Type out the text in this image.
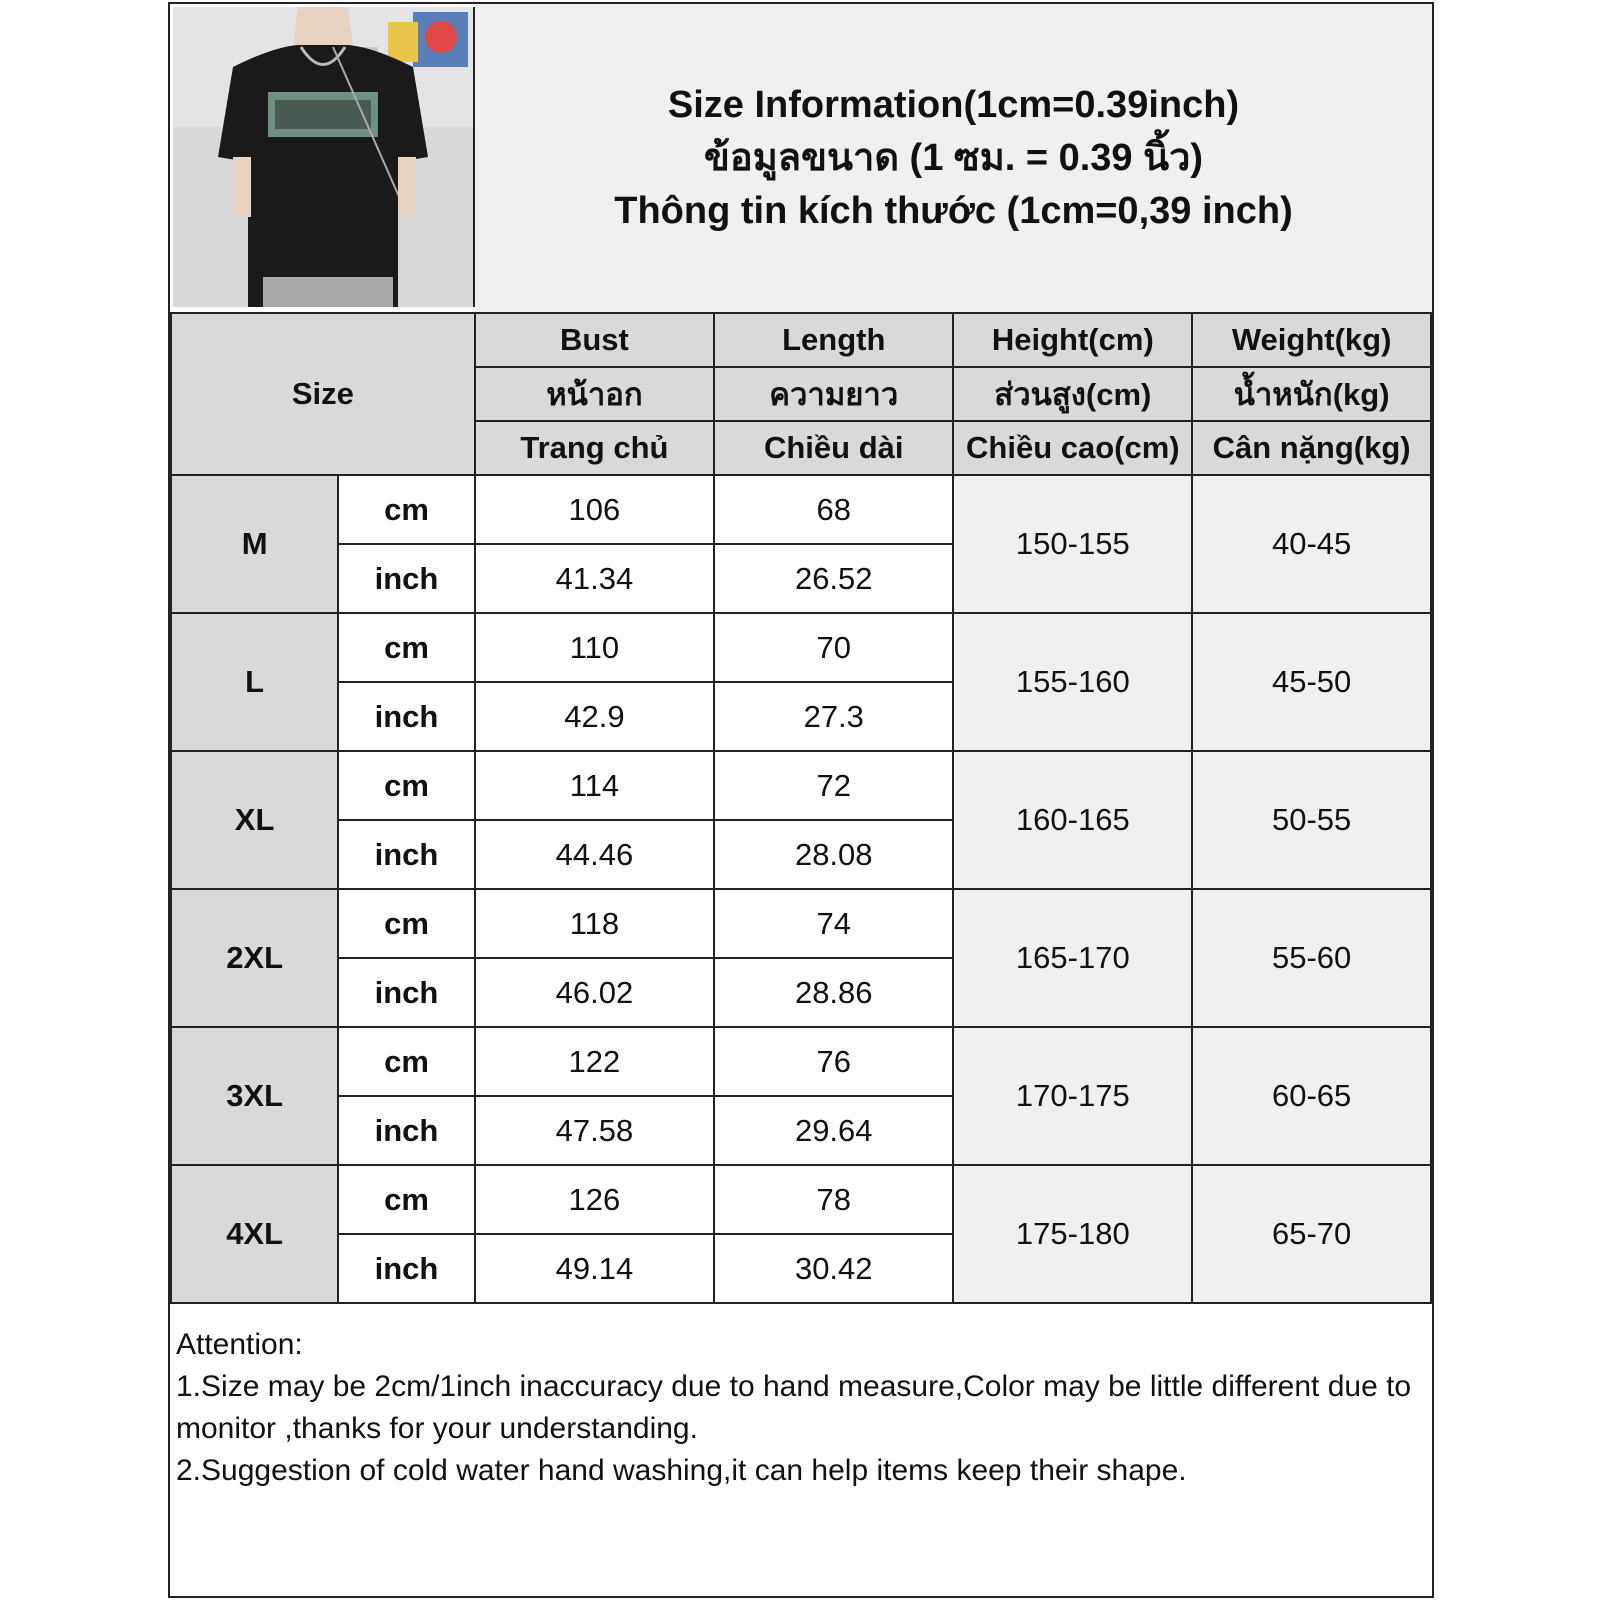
Size Information(1cm=0.39inch)
ข้อมูลขนาด (1 ซม. = 0.39 นิ้ว)
Thông tin kích thước (1cm=0,39 inch)
Size		Bust	Length	Height(cm)	Weight(kg)
		หน้าอก	ความยาว	ส่วนสูง(cm)	น้ำหนัก(kg)
		Trang chủ	Chiều dài	Chiều cao(cm)	Cân nặng(kg)
M	cm	106	68	150-155	40-45
	inch	41.34	26.52		
L	cm	110	70	155-160	45-50
	inch	42.9	27.3		
XL	cm	114	72	160-165	50-55
	inch	44.46	28.08		
2XL	cm	118	74	165-170	55-60
	inch	46.02	28.86		
3XL	cm	122	76	170-175	60-65
	inch	47.58	29.64		
4XL	cm	126	78	175-180	65-70
	inch	49.14	30.42		
Attention:
1.Size may be 2cm/1inch inaccuracy due to hand measure,Color may be little different due to monitor ,thanks for your understanding.
2.Suggestion of cold water hand washing,it can help items keep their shape.
